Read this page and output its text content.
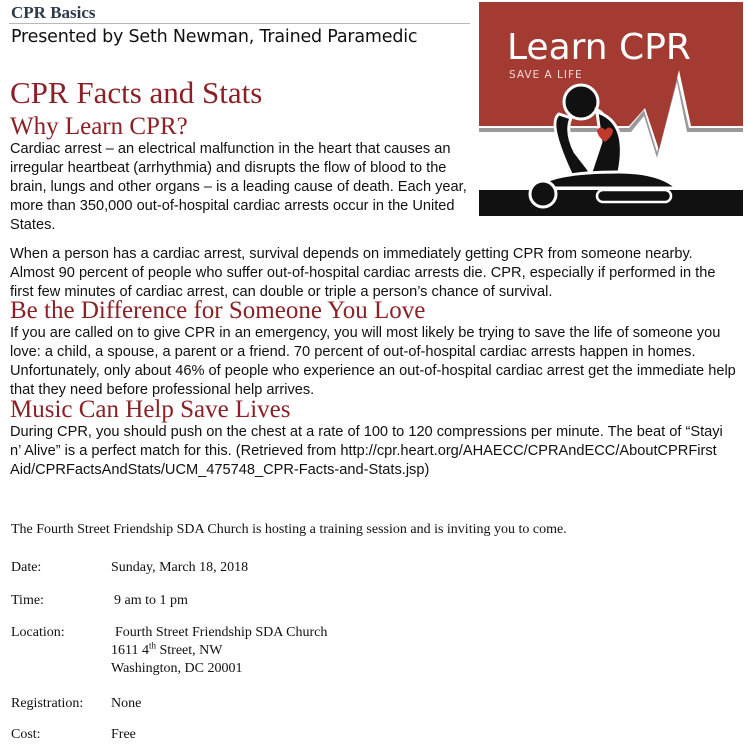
CPR Basics
Presented by Seth Newman, Trained Paramedic Learn CPR
SAVE A LIFE
CPR Facts and Stats
Why Learn CPR?
Cardiac arrest – an electrical malfunction in the heart that causes an irregular heartbeat (arrhythmia) and disrupts the flow of blood to the brain, lungs and other organs – is a leading cause of death. Each year, more than 350,000 out-of-hospital cardiac arrests occur in the United States.
When a person has a cardiac arrest, survival depends on immediately getting CPR from someone nearby. Almost 90 percent of people who suffer out-of-hospital cardiac arrests die. CPR, especially if performed in the first few minutes of cardiac arrest, can double or triple a person’s chance of survival.
Be the Difference for Someone You Love
If you are called on to give CPR in an emergency, you will most likely be trying to save the life of someone you love: a child, a spouse, a parent or a friend. 70 percent of out-of-hospital cardiac arrests happen in homes. Unfortunately, only about 46% of people who experience an out-of-hospital cardiac arrest get the immediate help that they need before professional help arrives.
Music Can Help Save Lives
During CPR, you should push on the chest at a rate of 100 to 120 compressions per minute. The beat of “Stayin’ Alive” is a perfect match for this. (Retrieved from http://cpr.heart.org/AHAECC/CPRAndECC/AboutCPRFirstAid/CPRFactsAndStats/UCM_475748_CPR-Facts-and-Stats.jsp)
The Fourth Street Friendship SDA Church is hosting a training session and is inviting you to come.
Date:	Sunday, March 18, 2018
Time:	9 am to 1 pm
Location:	Fourth Street Friendship SDA Church
1611 4th Street, NW
Washington, DC 20001
Registration:	None
Cost:	Free
